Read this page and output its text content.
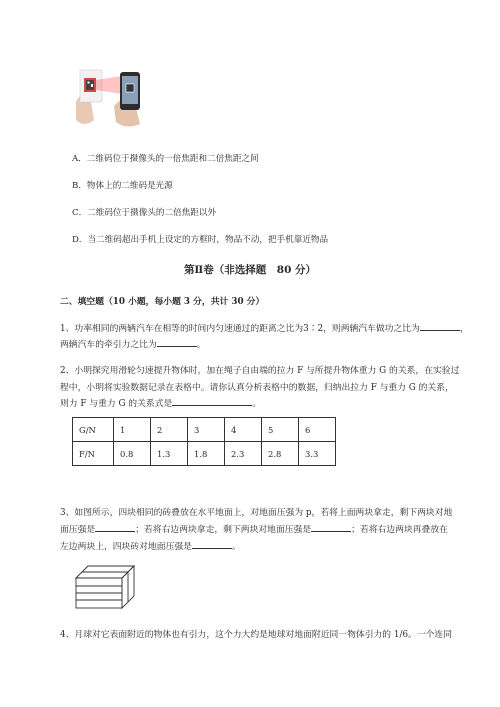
A．二维码位于摄像头的一倍焦距和二倍焦距之间
B．物体上的二维码是光源
C．二维码位于摄像头的二倍焦距以外
D．当二维码超出手机上设定的方框时，物品不动，把手机靠近物品
第Ⅱ卷（非选择题　80 分）
二、填空题（10 小题，每小题 3 分，共计 30 分）
1、功率相同的两辆汽车在相等的时间内匀速通过的距离之比为3∶2，则两辆汽车做功之比为	，
两辆汽车的牵引力之比为	。
2、小明探究用滑轮匀速提升物体时，加在绳子自由端的拉力 F 与所提升物体重力 G 的关系，在实验过
程中，小明将实验数据记录在表格中。请你认真分析表格中的数据，归纳出拉力 F 与重力 G 的关系，
则力 F 与重力 G 的关系式是	。
G/N	1	2	3	4	5	6
F/N	0.8	1.3	1.8	2.3	2.8	3.3
3、如图所示，四块相同的砖叠放在水平地面上，对地面压强为 p，若将上面两块拿走，剩下两块对地
面压强是	；若将右边两块拿走，剩下两块对地面压强是	；若将右边两块再叠放在
左边两块上，四块砖对地面压强是	。
4、月球对它表面附近的物体也有引力，这个力大约是地球对地面附近同一物体引力的 1/6。一个连同
